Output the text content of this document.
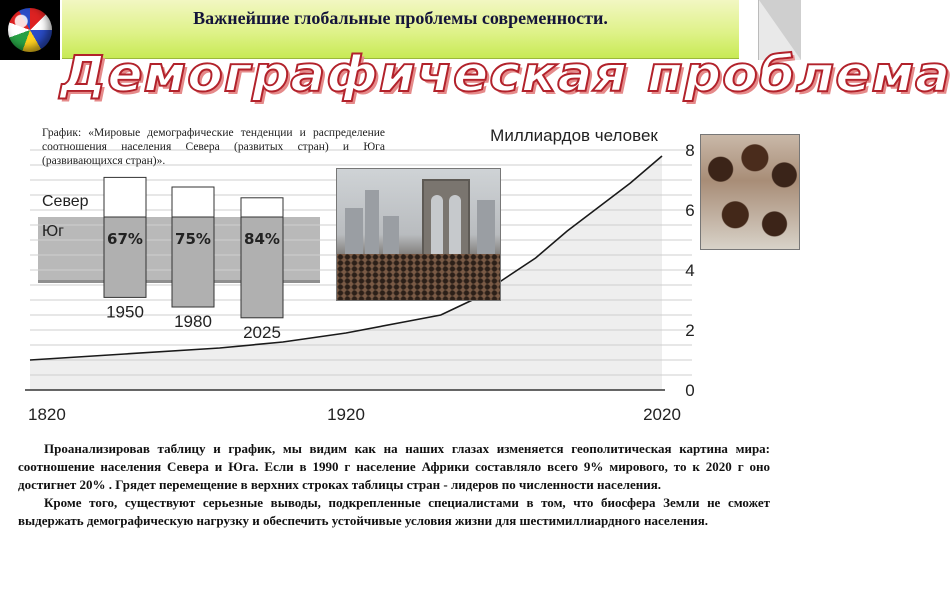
Важнейшие глобальные проблемы современности.
Демографическая проблема
1820	1920	2020
0
2
4
6
8
Миллиардов человек
Север
Юг	67%
1950
75%
1980
84%
2025
График: «Мировые демографические тенденции и распределение соотношения населения Севера (развитых стран) и Юга (развивающихся стран)».

Проанализировав таблицу и график, мы видим как на наших глазах изменяется геополитическая картина мира: соотношение населения Севера и Юга. Если в 1990 г население Африки составляло всего 9% мирового, то к 2020 г оно достигнет 20% . Грядет перемещение в верхних строках таблицы стран - лидеров по численности населения.

Кроме того, существуют серьезные выводы, подкрепленные специалистами в том, что биосфера Земли не сможет выдержать демографическую нагрузку и обеспечить устойчивые условия жизни для шестимиллиардного населения.
